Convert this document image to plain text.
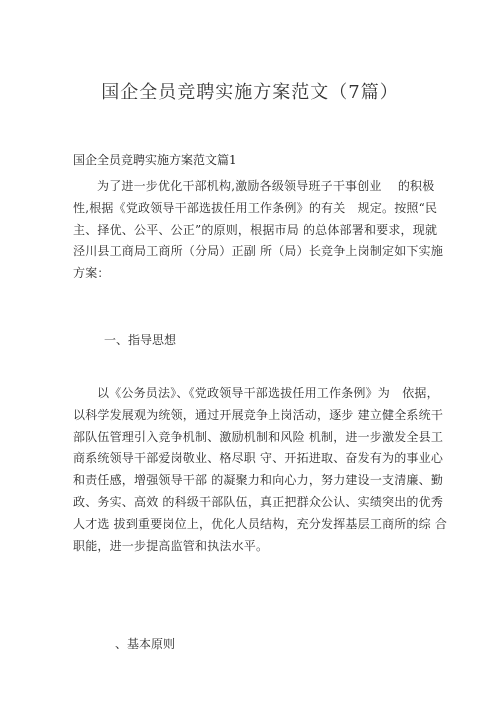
国企全员竞聘实施方案范文（7篇）
国企全员竞聘实施方案范文篇1
为了进一步优化干部机构,激励各级领导班子干事创业　 的积极
性,根据《党政领导干部选拔任用工作条例》的有关　规定。按照“民
主、择优、公平、公正”的原则，根据市局 的总体部署和要求，现就
泾川县工商局工商所（分局）正副 所（局）长竞争上岗制定如下实施
方案：
一、指导思想
以《公务员法》、《党政领导干部选拔任用工作条例》为　依据，
以科学发展观为统领，通过开展竞争上岗活动，逐步 建立健全系统干
部队伍管理引入竞争机制、激励机制和风险 机制，进一步激发全县工
商系统领导干部爱岗敬业、格尽职 守、开拓进取、奋发有为的事业心
和责任感，增强领导干部 的凝聚力和向心力，努力建设一支清廉、勤
政、务实、高效 的科级干部队伍，真正把群众公认、实绩突出的优秀
人才选 拔到重要岗位上，优化人员结构，充分发挥基层工商所的综 合
职能，进一步提高监管和执法水平。
、基本原则
